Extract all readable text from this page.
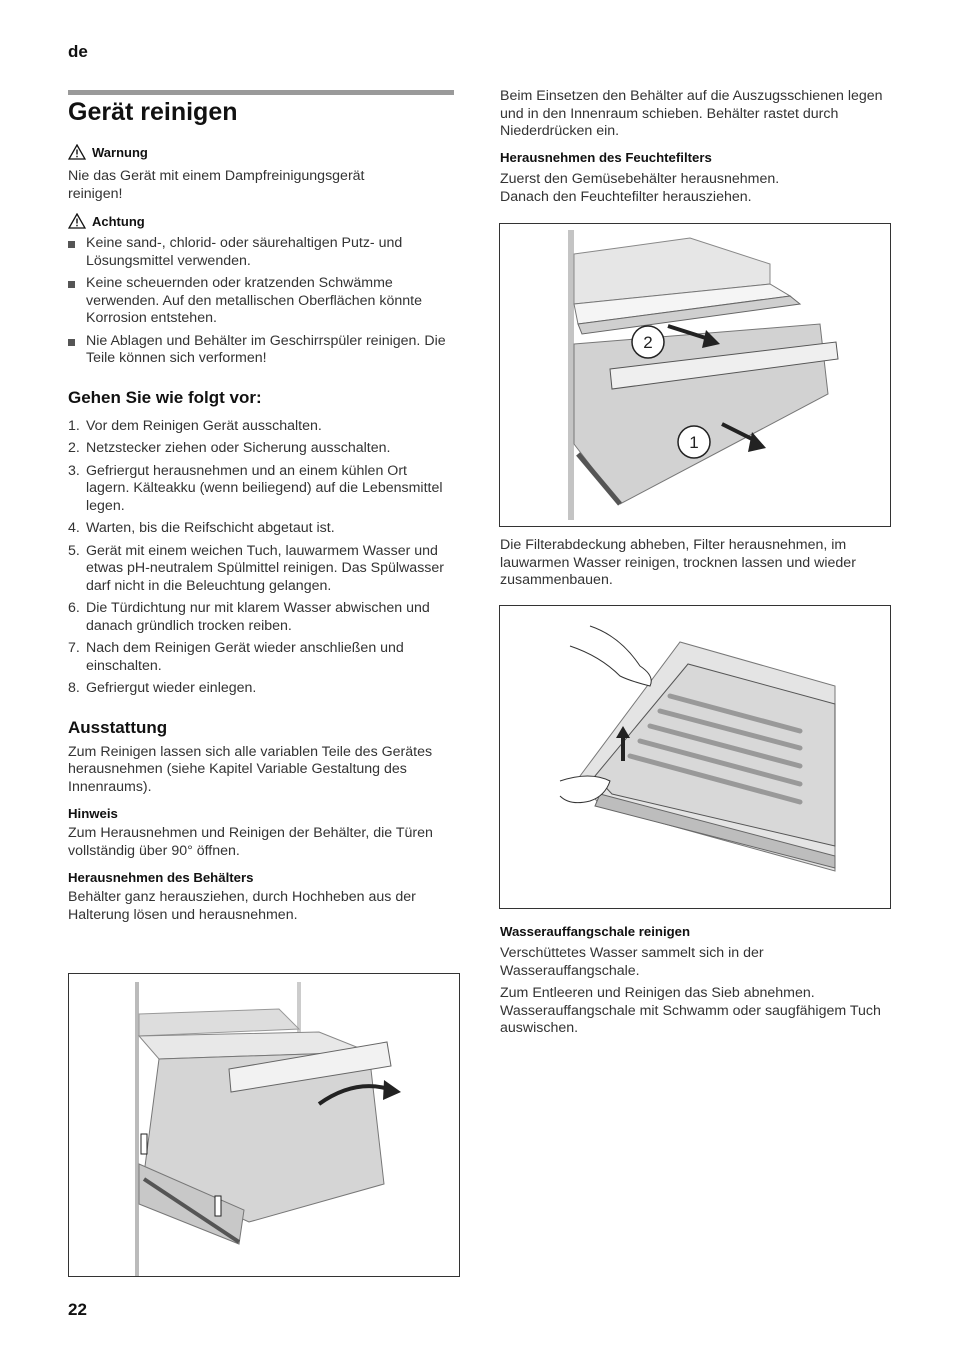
de
Gerät reinigen
Warnung
Nie das Gerät mit einem Dampfreinigungsgerät reinigen!
Achtung
Keine sand-, chlorid- oder säurehaltigen Putz- und Lösungsmittel verwenden.
Keine scheuernden oder kratzenden Schwämme verwenden. Auf den metallischen Oberflächen könnte Korrosion entstehen.
Nie Ablagen und Behälter im Geschirrspüler reinigen. Die Teile können sich verformen!
Gehen Sie wie folgt vor:
1. Vor dem Reinigen Gerät ausschalten.
2. Netzstecker ziehen oder Sicherung ausschalten.
3. Gefriergut herausnehmen und an einem kühlen Ort lagern. Kälteakku (wenn beiliegend) auf die Lebensmittel legen.
4. Warten, bis die Reifschicht abgetaut ist.
5. Gerät mit einem weichen Tuch, lauwarmem Wasser und etwas pH-neutralem Spülmittel reinigen. Das Spülwasser darf nicht in die Beleuchtung gelangen.
6. Die Türdichtung nur mit klarem Wasser abwischen und danach gründlich trocken reiben.
7. Nach dem Reinigen Gerät wieder anschließen und einschalten.
8. Gefriergut wieder einlegen.
Ausstattung
Zum Reinigen lassen sich alle variablen Teile des Gerätes herausnehmen (siehe Kapitel Variable Gestaltung des Innenraums).
Hinweis
Zum Herausnehmen und Reinigen der Behälter, die Türen vollständig über 90° öffnen.
Herausnehmen des Behälters
Behälter ganz herausziehen, durch Hochheben aus der Halterung lösen und herausnehmen.
Beim Einsetzen den Behälter auf die Auszugsschienen legen und in den Innenraum schieben. Behälter rastet durch Niederdrücken ein.
Herausnehmen des Feuchtefilters
Zuerst den Gemüsebehälter herausnehmen.
Danach den Feuchtefilter herausziehen.
2
1
Die Filterabdeckung abheben, Filter herausnehmen, im lauwarmen Wasser reinigen, trocknen lassen und wieder zusammenbauen.
Wasserauffangschale reinigen
Verschüttetes Wasser sammelt sich in der Wasserauffangschale.
Zum Entleeren und Reinigen das Sieb abnehmen. Wasserauffangschale mit Schwamm oder saugfähigem Tuch auswischen.
22
